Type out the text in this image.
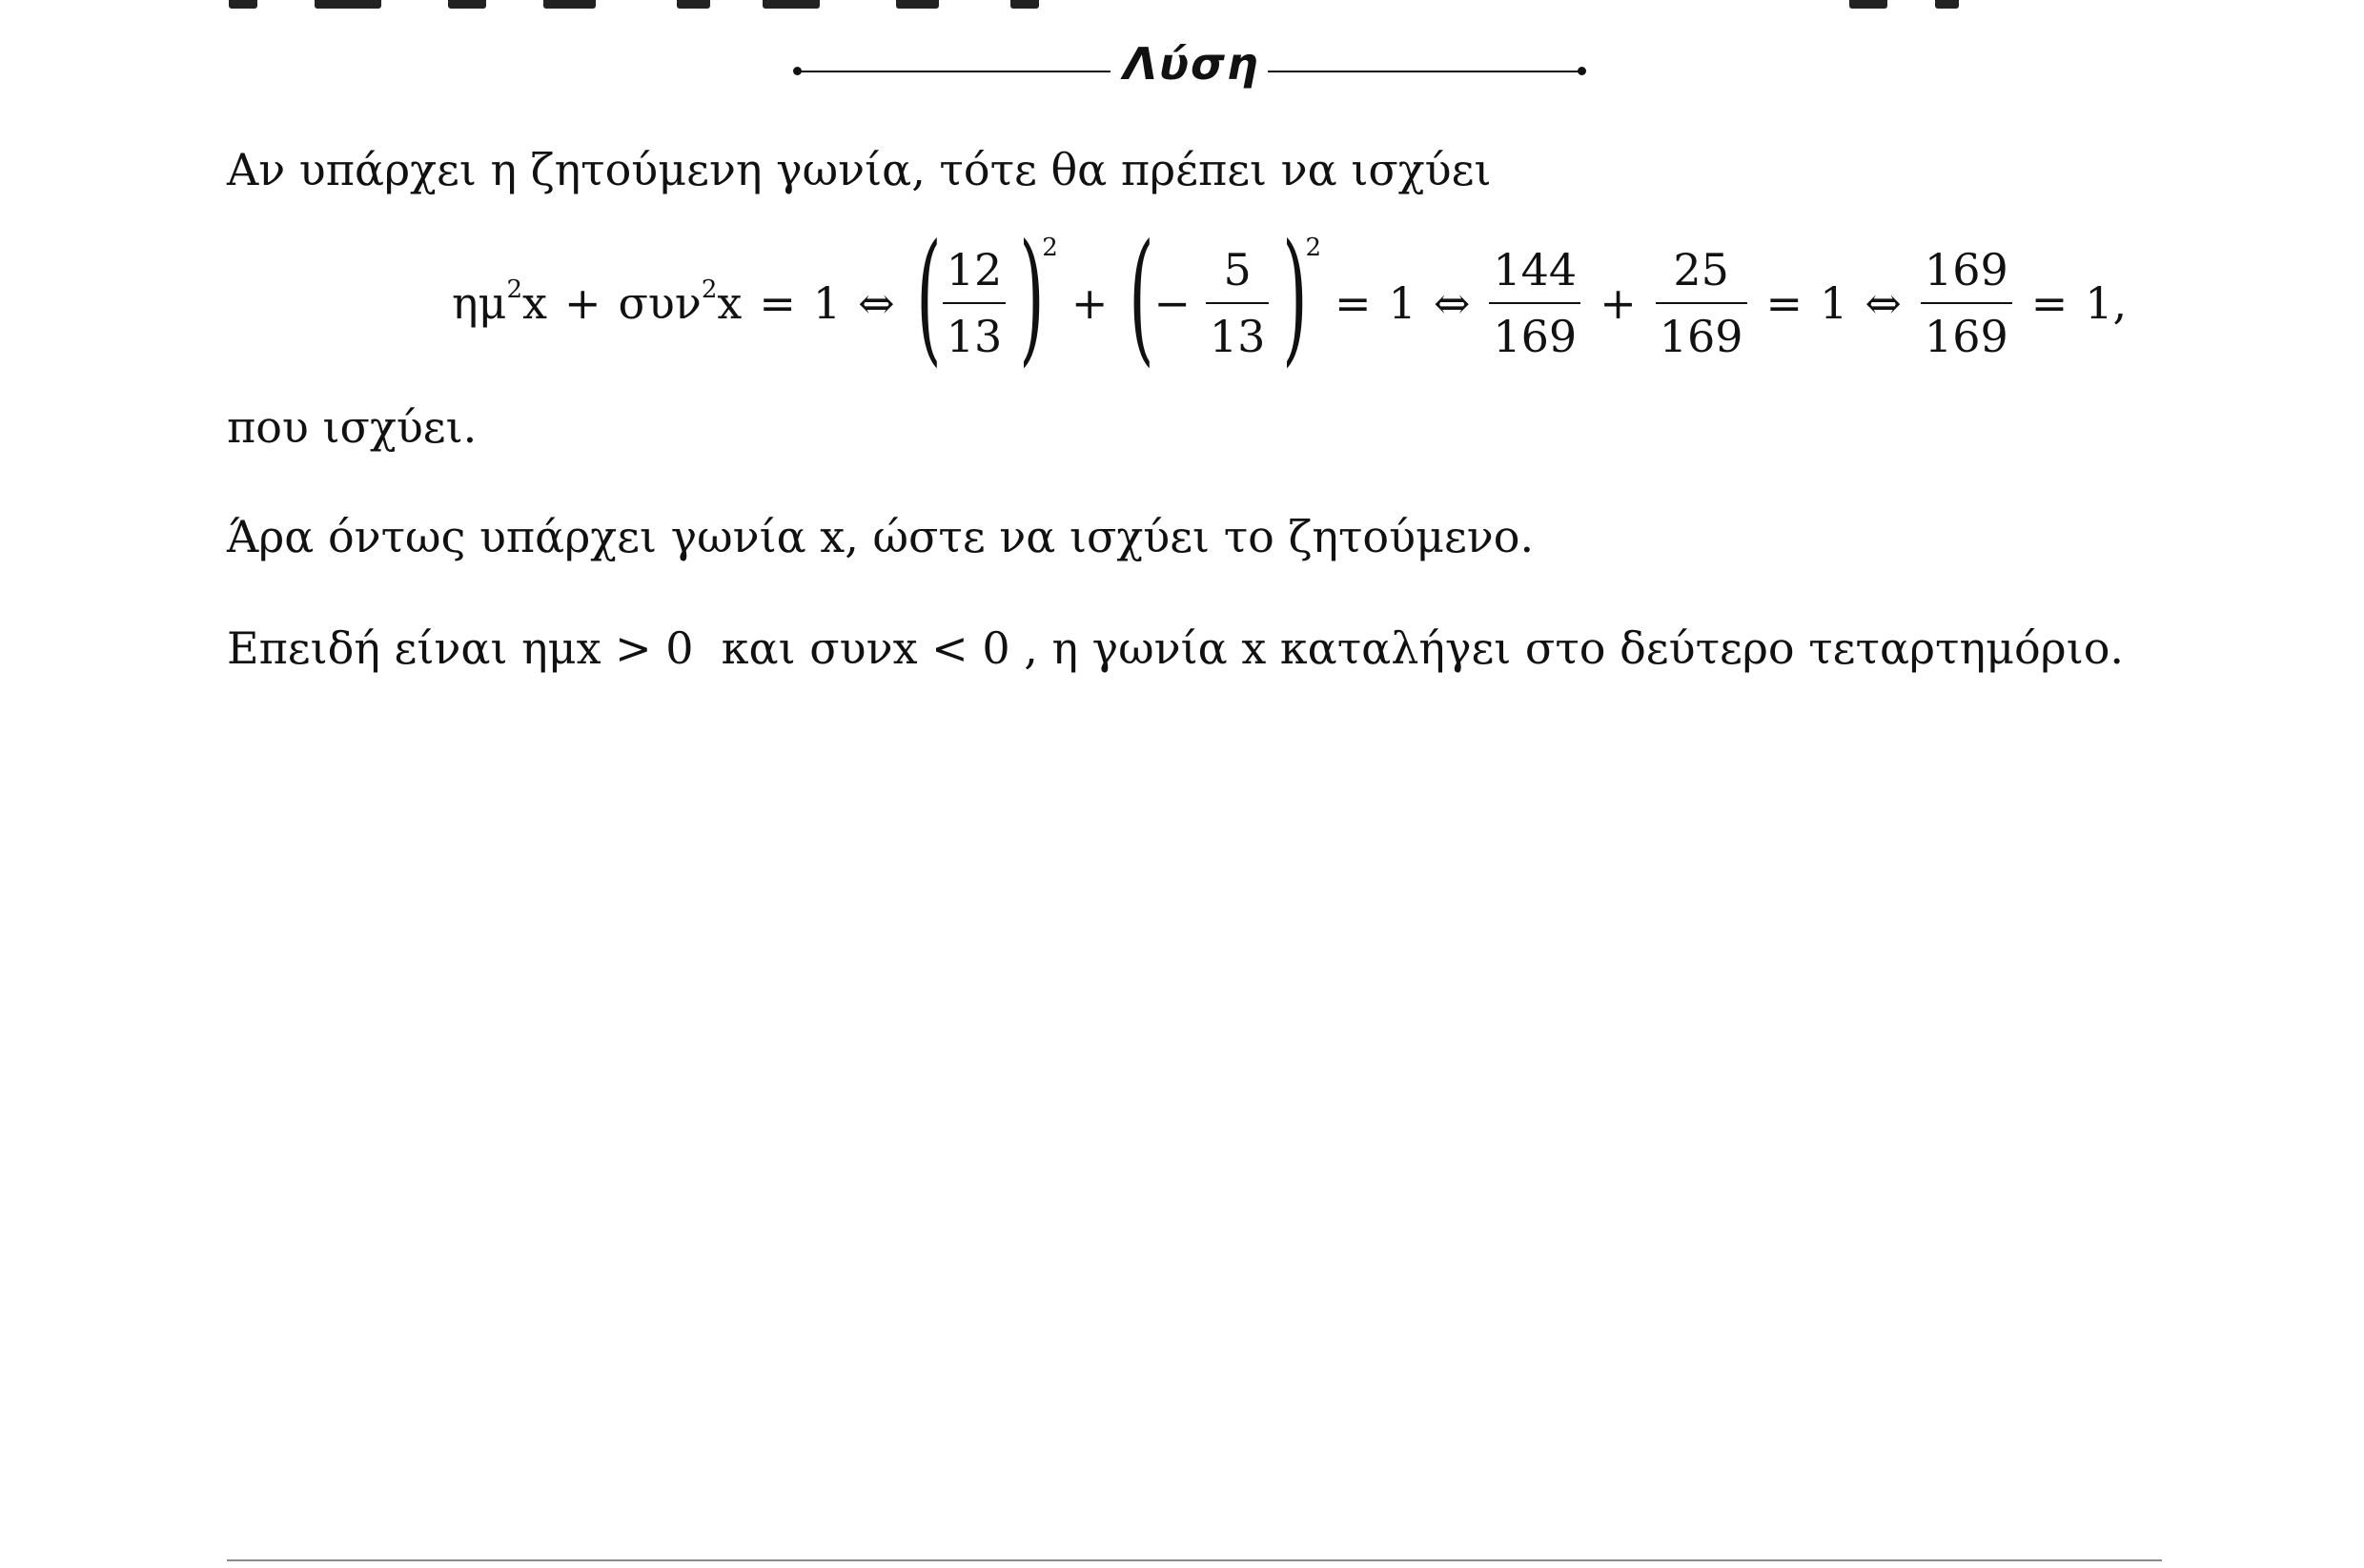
Λύση
Αν υπάρχει η ζητούμενη γωνία, τότε θα πρέπει να ισχύει
$\eta\mu^2x + \sigma\upsilon\nu^2x = 1$ ⇔ (
$\frac{12}{13}$ )
2
+ ( − $\frac{5}{13}$ )
2
= 1 ⇔ $\frac{144}{169} + \frac{25}{169} = 1$ ⇔ $\frac{169}{169} = 1$,
που ισχύει.
Άρα όντως υπάρχει γωνία x, ώστε να ισχύει το ζητούμενο.
Επειδή είναι ημx > 0  και συνx < 0 , η γωνία x καταλήγει στο δεύτερο τεταρτημόριο.
